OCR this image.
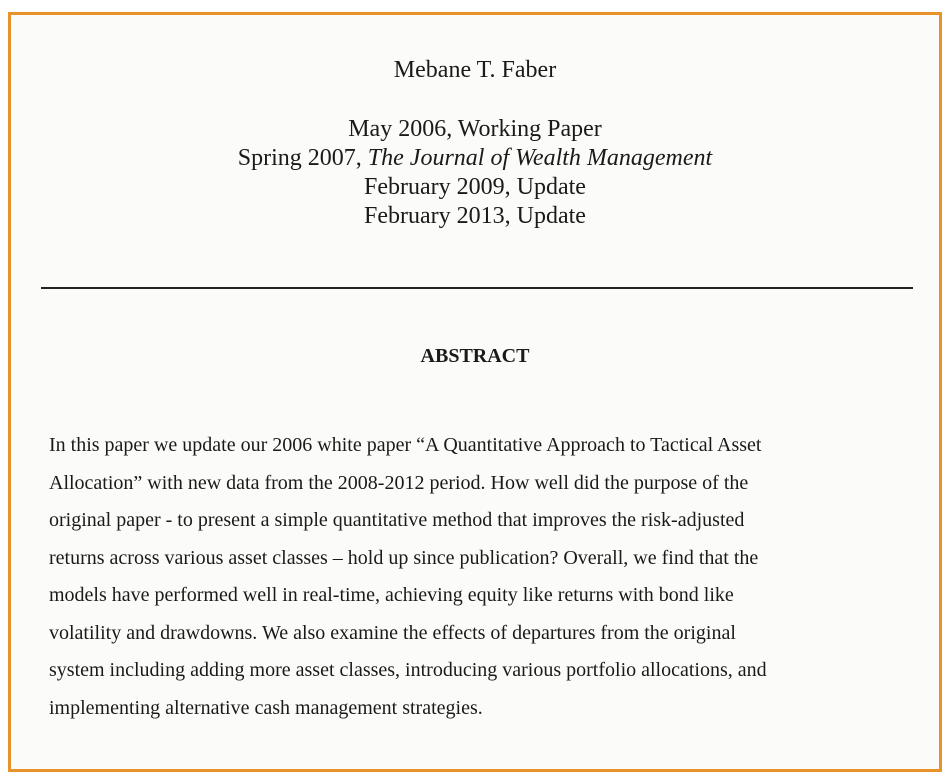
Mebane T. Faber
May 2006, Working Paper
Spring 2007, The Journal of Wealth Management
February 2009, Update
February 2013, Update
ABSTRACT
In this paper we update our 2006 white paper “A Quantitative Approach to Tactical Asset
Allocation” with new data from the 2008-2012 period. How well did the purpose of the
original paper - to present a simple quantitative method that improves the risk-adjusted
returns across various asset classes – hold up since publication? Overall, we find that the
models have performed well in real-time, achieving equity like returns with bond like
volatility and drawdowns. We also examine the effects of departures from the original
system including adding more asset classes, introducing various portfolio allocations, and
implementing alternative cash management strategies.
